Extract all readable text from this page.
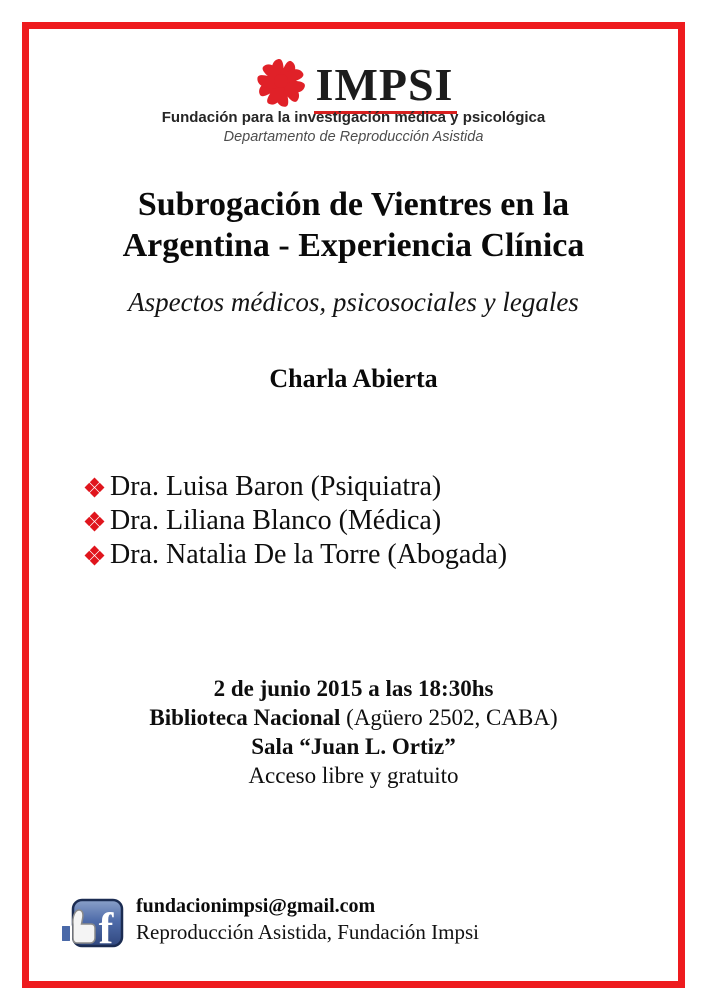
IMPSI
Fundación para la investigación médica y psicológica
Departamento de Reproducción Asistida
Subrogación de Vientres en la
Argentina - Experiencia Clínica
Aspectos médicos, psicosociales y legales
Charla Abierta
Dra. Luisa Baron (Psiquiatra)
Dra. Liliana Blanco (Médica)
Dra. Natalia De la Torre (Abogada)
2 de junio 2015 a las 18:30hs
Biblioteca Nacional (Agüero 2502, CABA)
Sala “Juan L. Ortiz”
Acceso libre y gratuito
f fundacionimpsi@gmail.com
Reproducción Asistida, Fundación Impsi
